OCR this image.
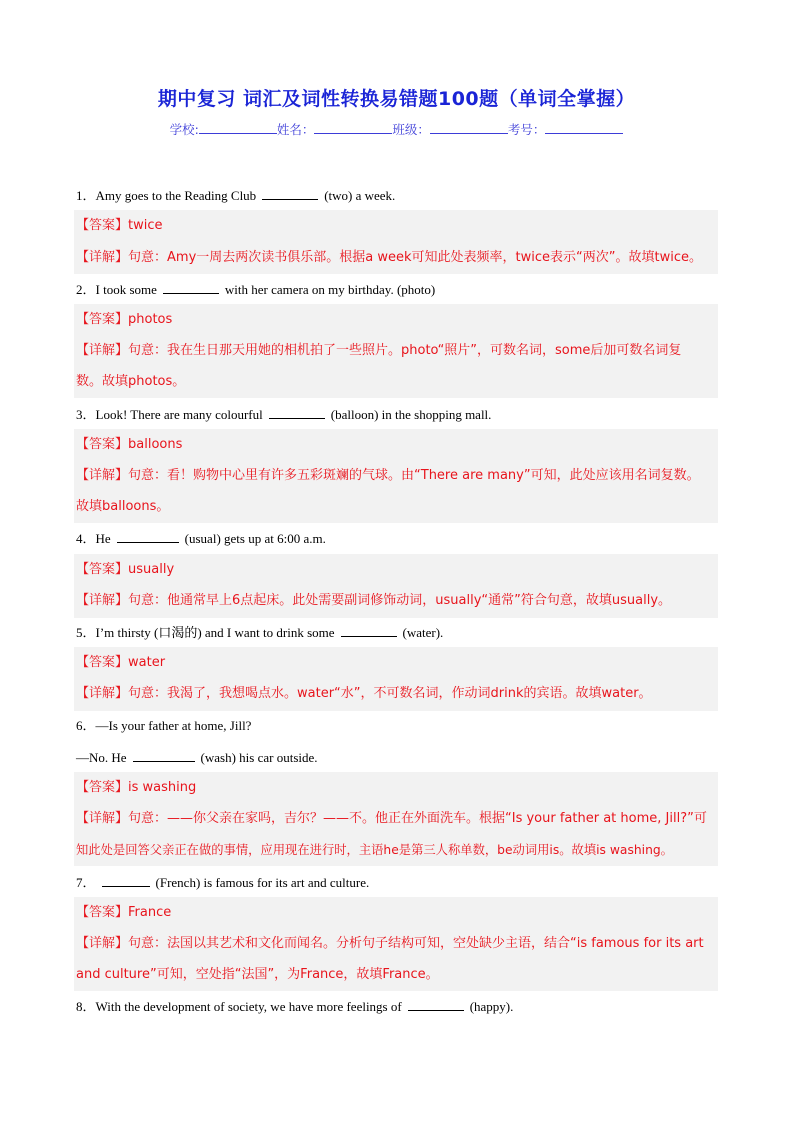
期中复习 词汇及词性转换易错题100题（单词全掌握）
学校:	姓名：	班级：	考号：
1．Amy goes to the Reading Club	(two) a week.
【答案】twice
【详解】句意：Amy一周去两次读书俱乐部。根据a week可知此处表频率，twice表示“两次”。故填twice。
2．I took some	with her camera on my birthday. (photo)
【答案】photos
【详解】句意：我在生日那天用她的相机拍了一些照片。photo“照片”，可数名词，some后加可数名词复
数。故填photos。
3．Look! There are many colourful	(balloon) in the shopping mall.
【答案】balloons
【详解】句意：看！购物中心里有许多五彩斑斓的气球。由“There are many”可知，此处应该用名词复数。
故填balloons。
4．He	(usual) gets up at 6:00 a.m.
【答案】usually
【详解】句意：他通常早上6点起床。此处需要副词修饰动词，usually“通常”符合句意，故填usually。
5．I’m thirsty (口渴的) and I want to drink some	(water).
【答案】water
【详解】句意：我渴了，我想喝点水。water“水”，不可数名词，作动词drink的宾语。故填water。
6．—Is your father at home, Jill?
—No. He	(wash) his car outside.
【答案】is washing
【详解】句意：——你父亲在家吗，吉尔？——不。他正在外面洗车。根据“Is your father at home, Jill?”可
知此处是回答父亲正在做的事情，应用现在进行时，主语he是第三人称单数，be动词用is。故填is washing。
7．	(French) is famous for its art and culture.
【答案】France
【详解】句意：法国以其艺术和文化而闻名。分析句子结构可知，空处缺少主语，结合“is famous for its art
and culture”可知，空处指“法国”，为France，故填France。
8．With the development of society, we have more feelings of	(happy).
